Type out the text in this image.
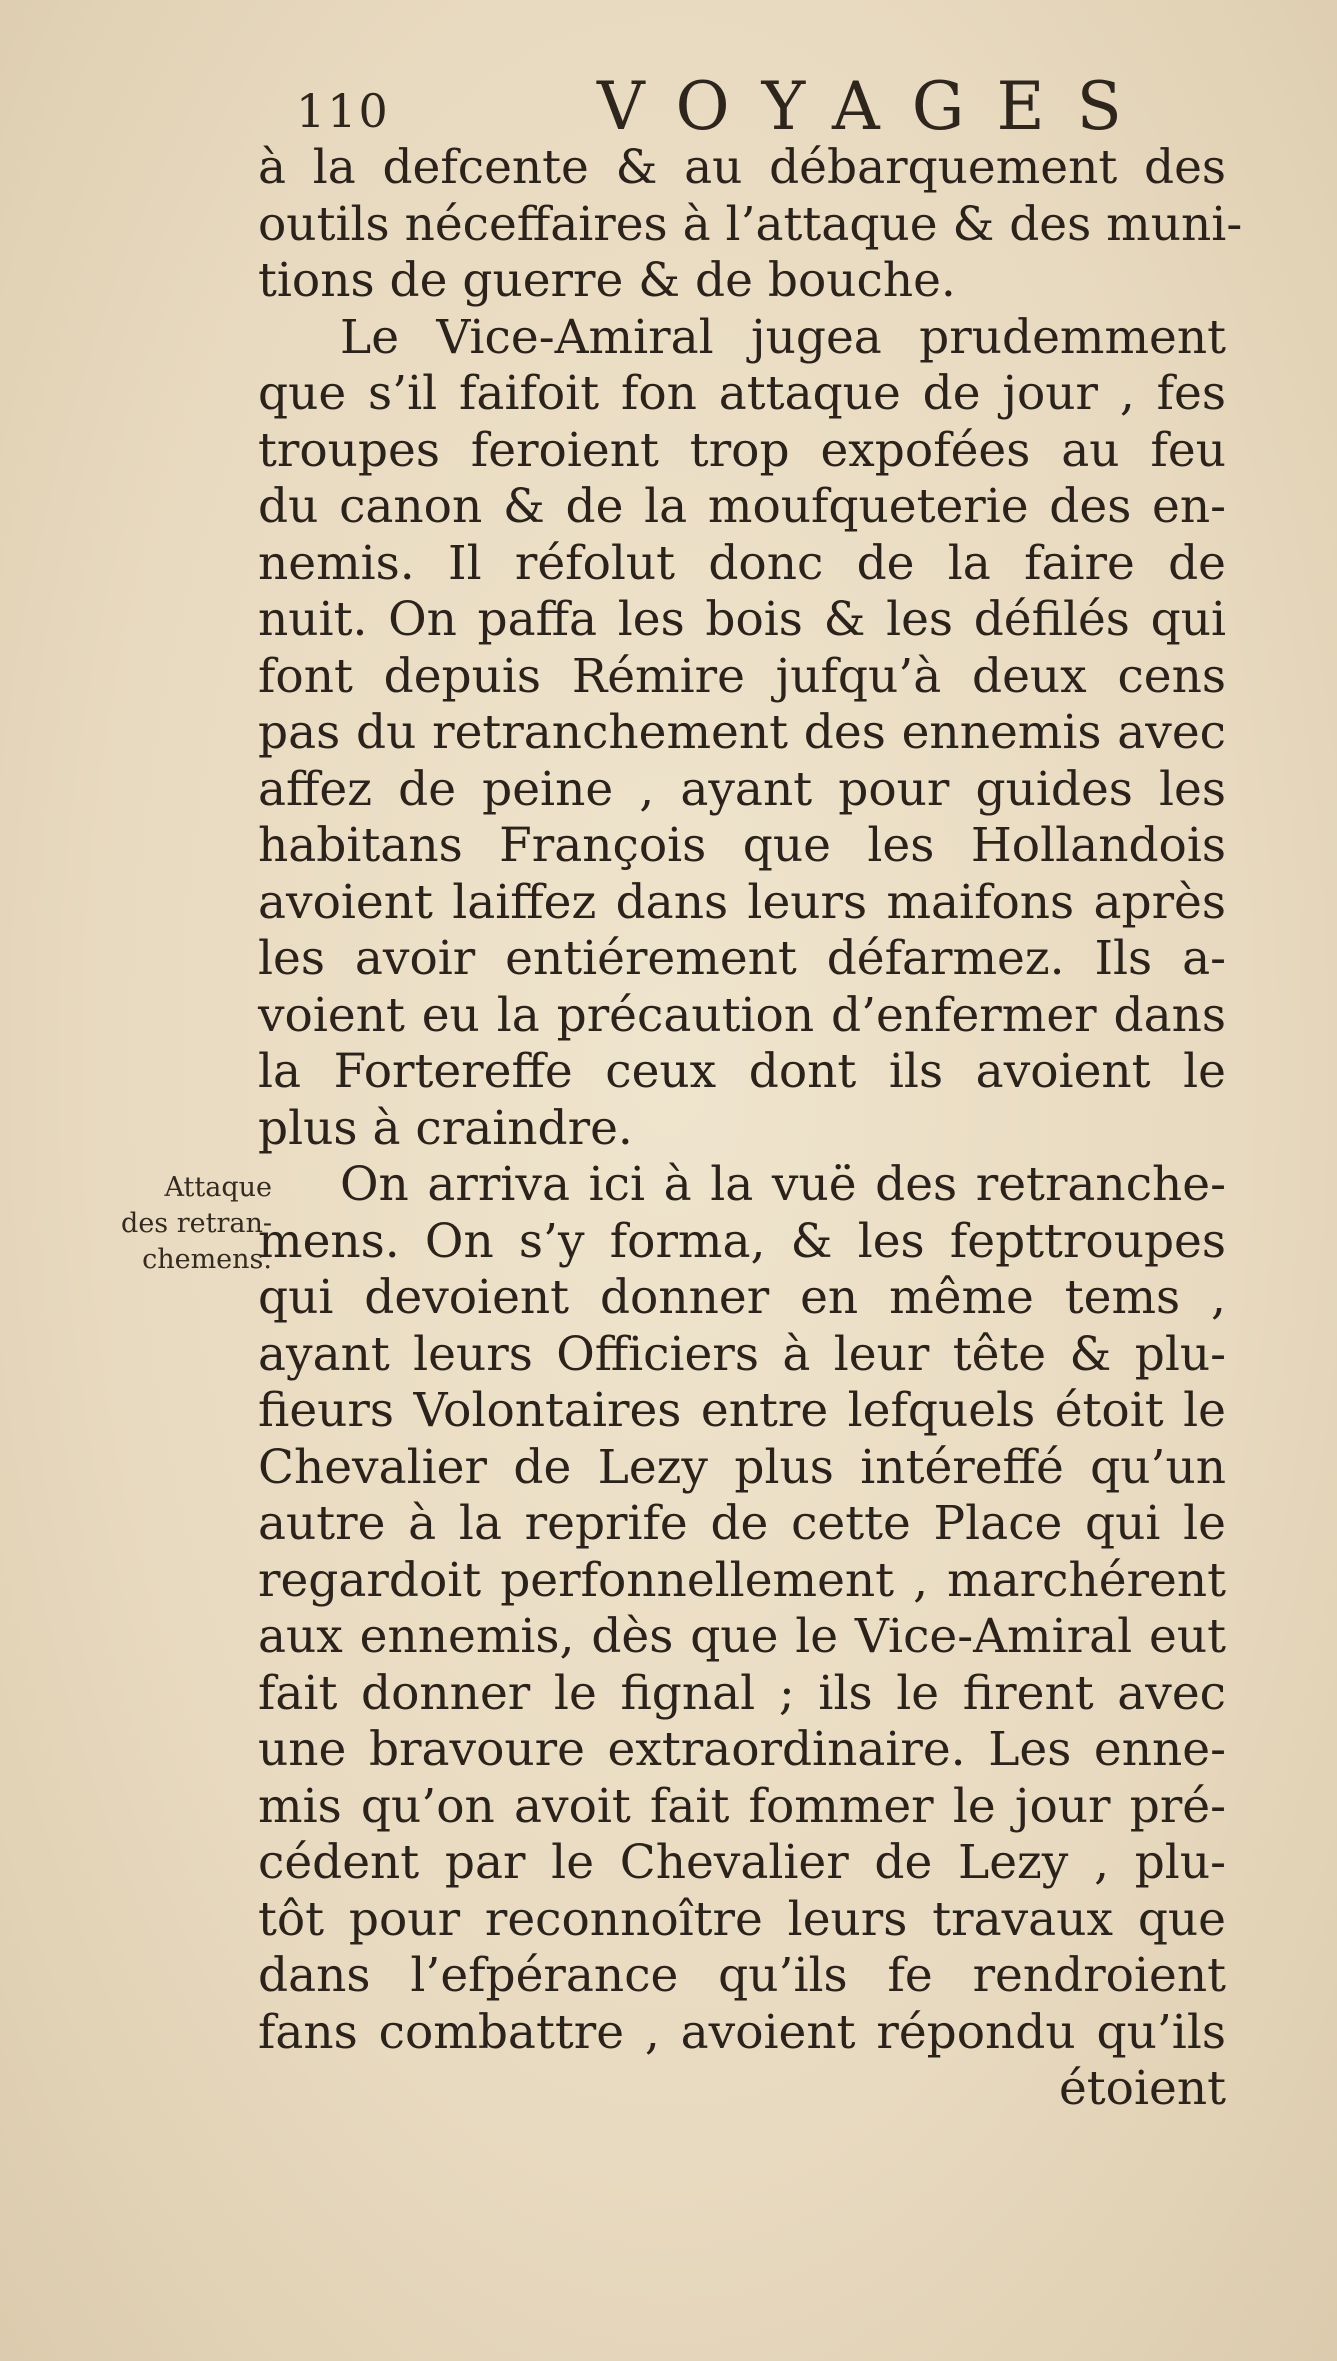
110	VOYAGES
Attaque
des retran-
chemens.
à la defcente & au débarquement des
outils néceffaires à l’attaque & des muni-
tions de guerre & de bouche.
Le Vice-Amiral jugea prudemment
que s’il faifoit fon attaque de jour , fes
troupes feroient trop expofées au feu
du canon & de la moufqueterie des en-
nemis. Il réfolut donc de la faire de
nuit. On paffa les bois & les défilés qui
font depuis Rémire jufqu’à deux cens
pas du retranchement des ennemis avec
affez de peine , ayant pour guides les
habitans François que les Hollandois
avoient laiffez dans leurs maifons après
les avoir entiérement défarmez. Ils a-
voient eu la précaution d’enfermer dans
la Fortereffe ceux dont ils avoient le
plus à craindre.
On arriva ici à la vuë des retranche-
mens. On s’y forma, & les fepttroupes
qui devoient donner en même tems ,
ayant leurs Officiers à leur tête & plu-
fieurs Volontaires entre lefquels étoit le
Chevalier de Lezy plus intéreffé qu’un
autre à la reprife de cette Place qui le
regardoit perfonnellement , marchérent
aux ennemis, dès que le Vice-Amiral eut
fait donner le fignal ; ils le firent avec
une bravoure extraordinaire. Les enne-
mis qu’on avoit fait fommer le jour pré-
cédent par le Chevalier de Lezy , plu-
tôt pour reconnoître leurs travaux que
dans l’efpérance qu’ils fe rendroient
fans combattre , avoient répondu qu’ils
étoient
